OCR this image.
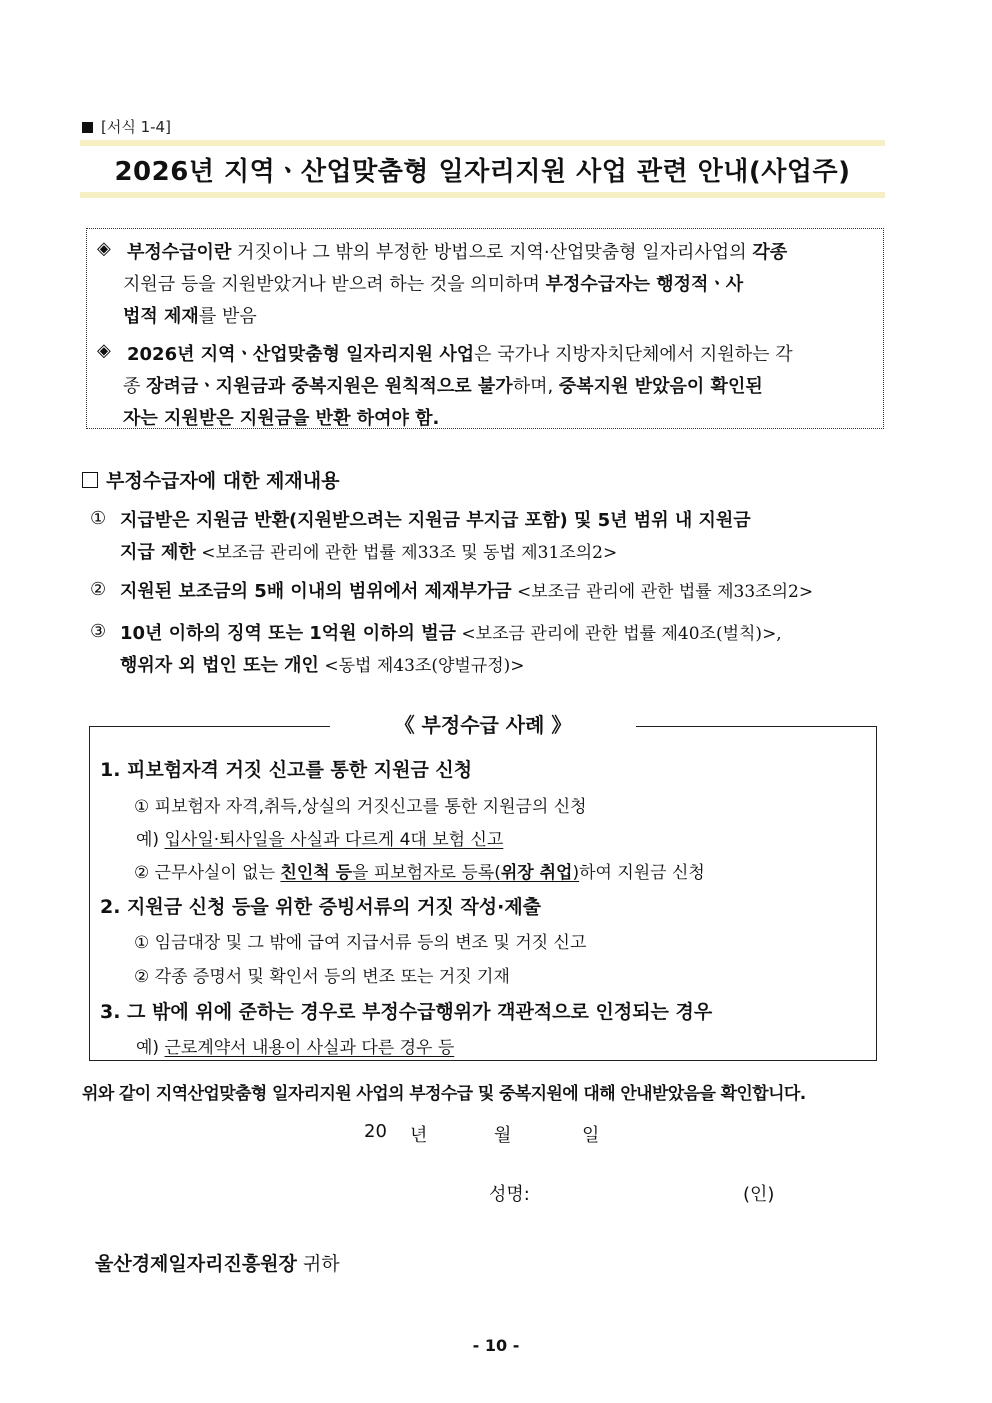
[서식 1-4]
2026년 지역ㆍ산업맞춤형 일자리지원 사업 관련 안내(사업주)
◈ 부정수급이란 거짓이나 그 밖의 부정한 방법으로 지역·산업맞춤형 일자리사업의 각종
지원금 등을 지원받았거나 받으려 하는 것을 의미하며 부정수급자는 행정적ㆍ사
법적 제재를 받음
◈ 2026년 지역ㆍ산업맞춤형 일자리지원 사업은 국가나 지방자치단체에서 지원하는 각
종 장려금ㆍ지원금과 중복지원은 원칙적으로 불가하며, 중복지원 받았음이 확인된
자는 지원받은 지원금을 반환 하여야 함.
부정수급자에 대한 제재내용
① 지급받은 지원금 반환(지원받으려는 지원금 부지급 포함) 및 5년 범위 내 지원금
지급 제한 <보조금 관리에 관한 법률 제33조 및 동법 제31조의2>
② 지원된 보조금의 5배 이내의 범위에서 제재부가금 <보조금 관리에 관한 법률 제33조의2>
③ 10년 이하의 징역 또는 1억원 이하의 벌금 <보조금 관리에 관한 법률 제40조(벌칙)>,
행위자 외 법인 또는 개인 <동법 제43조(양벌규정)>
1. 피보험자격 거짓 신고를 통한 지원금 신청
① 피보험자 자격,취득,상실의 거짓신고를 통한 지원금의 신청
예) 입사일·퇴사일을 사실과 다르게 4대 보험 신고
② 근무사실이 없는 친인척 등을 피보험자로 등록(위장 취업)하여 지원금 신청
2. 지원금 신청 등을 위한 증빙서류의 거짓 작성·제출
① 임금대장 및 그 밖에 급여 지급서류 등의 변조 및 거짓 신고
② 각종 증명서 및 확인서 등의 변조 또는 거짓 기재
3. 그 밖에 위에 준하는 경우로 부정수급행위가 객관적으로 인정되는 경우
예) 근로계약서 내용이 사실과 다른 경우 등
《 부정수급 사례 》
위와 같이 지역산업맞춤형 일자리지원 사업의 부정수급 및 중복지원에 대해 안내받았음을 확인합니다.
20 년	월	일
성명:	(인)
울산경제일자리진흥원장 귀하
- 10 -
